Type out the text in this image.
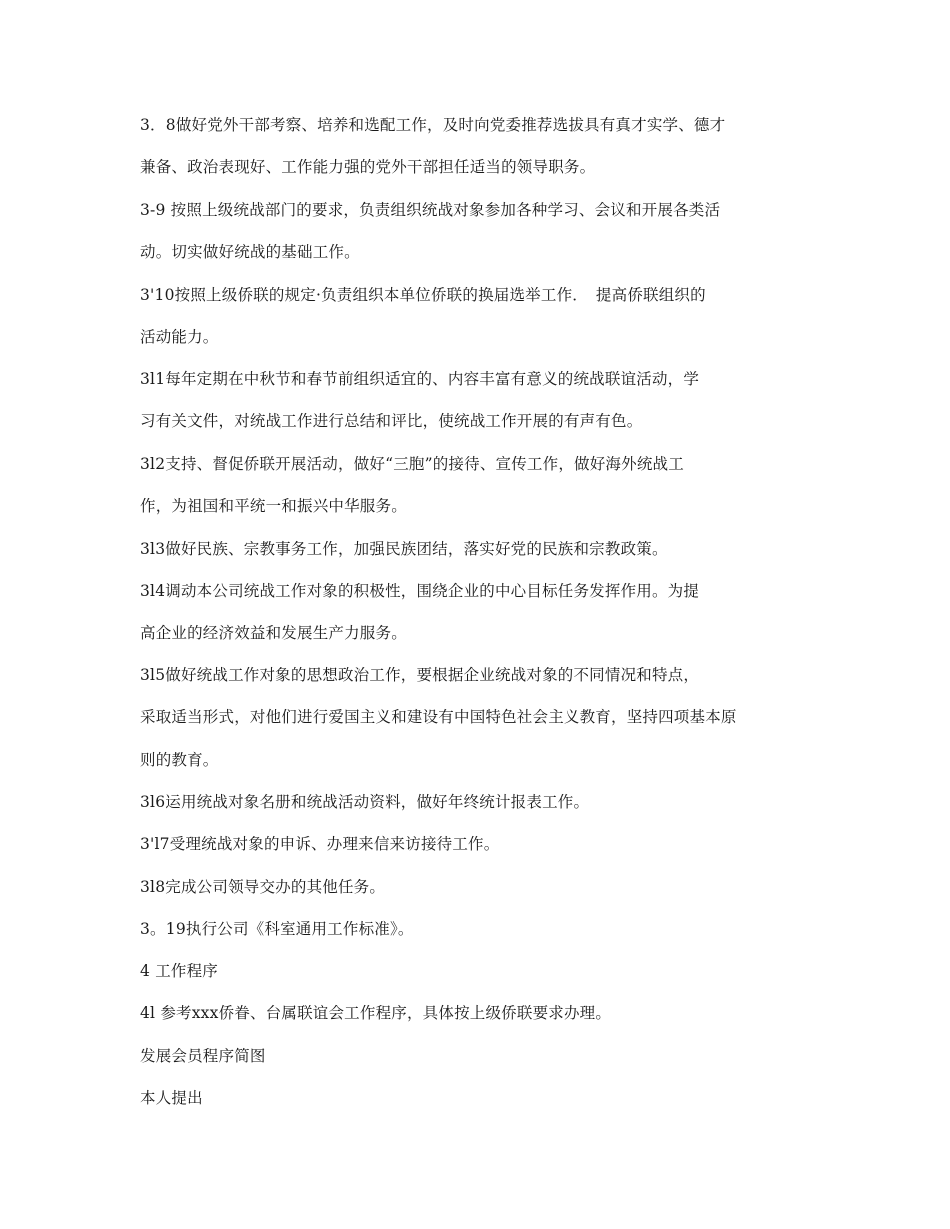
3．8做好党外干部考察、培养和选配工作，及时向党委推荐选拔具有真才实学、德才
兼备、政治表现好、工作能力强的党外干部担任适当的领导职务。
3-9 按照上级统战部门的要求，负责组织统战对象参加各种学习、会议和开展各类活
动。切实做好统战的基础工作。
3'10按照上级侨联的规定·负责组织本单位侨联的换届选举工作．　提高侨联组织的
活动能力。
3l1每年定期在中秋节和春节前组织适宜的、内容丰富有意义的统战联谊活动，学
习有关文件，对统战工作进行总结和评比，使统战工作开展的有声有色。
3l2支持、督促侨联开展活动，做好“三胞”的接待、宣传工作，做好海外统战工
作，为祖国和平统一和振兴中华服务。
3l3做好民族、宗教事务工作，加强民族团结，落实好党的民族和宗教政策。
3l4调动本公司统战工作对象的积极性，围绕企业的中心目标任务发挥作用。为提
高企业的经济效益和发展生产力服务。
3l5做好统战工作对象的思想政治工作，要根据企业统战对象的不同情况和特点，
采取适当形式，对他们进行爱国主义和建设有中国特色社会主义教育，坚持四项基本原
则的教育。
3l6运用统战对象名册和统战活动资料，做好年终统计报表工作。
3'l7受理统战对象的申诉、办理来信来访接待工作。
3l8完成公司领导交办的其他任务。
3。19执行公司《科室通用工作标准》。
4 工作程序
4l 参考xxx侨眷、台属联谊会工作程序，具体按上级侨联要求办理。
发展会员程序简图
本人提出
